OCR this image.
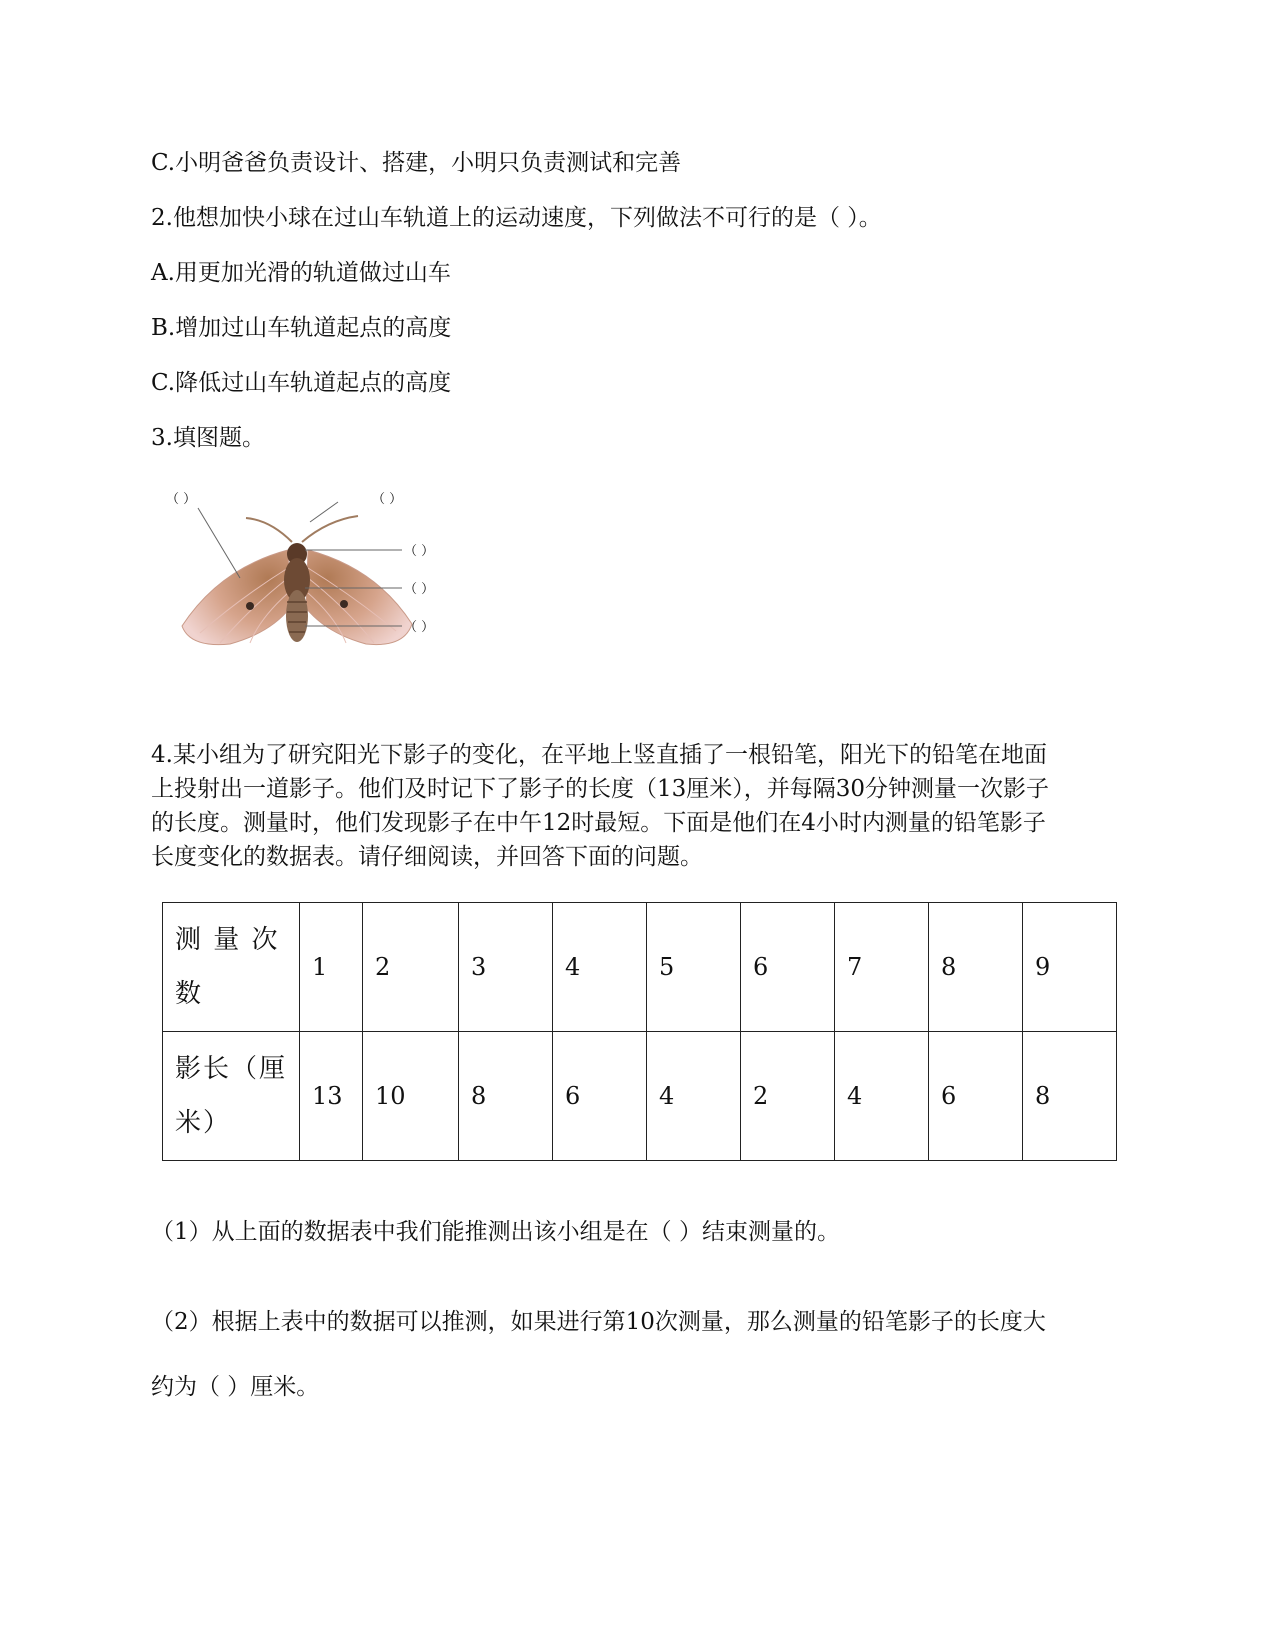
C.小明爸爸负责设计、搭建，小明只负责测试和完善
2.他想加快小球在过山车轨道上的运动速度，下列做法不可行的是（ ）。
A.用更加光滑的轨道做过山车
B.增加过山车轨道起点的高度
C.降低过山车轨道起点的高度
3.填图题。
（ ）	（ ）
（ ）
（ ）
（ ）
4.某小组为了研究阳光下影子的变化，在平地上竖直插了一根铅笔，阳光下的铅笔在地面
上投射出一道影子。他们及时记下了影子的长度（13厘米），并每隔30分钟测量一次影子
的长度。测量时，他们发现影子在中午12时最短。下面是他们在4小时内测量的铅笔影子
长度变化的数据表。请仔细阅读，并回答下面的问题。
测 量 次 数	1	2	3	4	5	6	7	8	9
影长（厘米）	13	10	8	6	4	2	4	6	8
（1）从上面的数据表中我们能推测出该小组是在（ ）结束测量的。
（2）根据上表中的数据可以推测，如果进行第10次测量，那么测量的铅笔影子的长度大
约为（ ）厘米。
